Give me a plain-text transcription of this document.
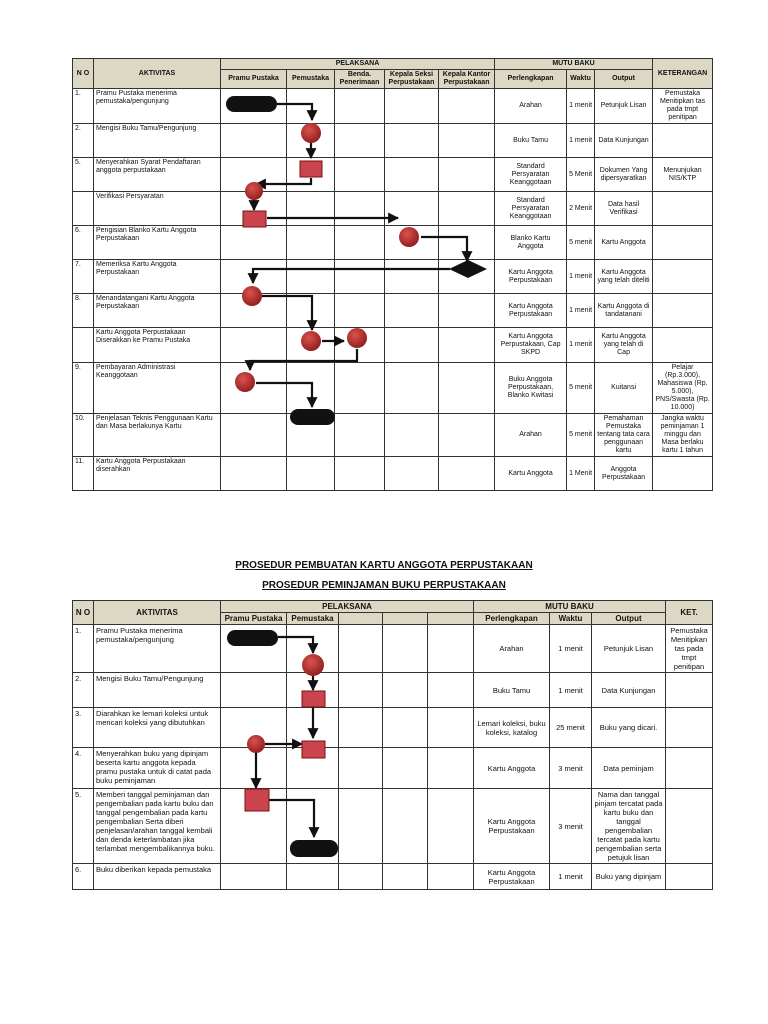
N O	AKTIVITAS	PELAKSANA					MUTU BAKU			KETERANGAN
		Pramu Pustaka	Pemustaka	Benda. Penerimaan	Kepala Seksi Perpustakaan	Kepala Kantor Perpustakaan	Perlengkapan	Waktu	Output	
1.	Pramu Pustaka menerima pemustaka/pengunjung						Arahan	1 menit	Petunjuk Lisan	Pemustaka Menitipkan tas pada tmpt penitipan
2.	Mengisi Buku Tamu/Pengunjung						Buku Tamu	1 menit	Data Kunjungan	
5.	Menyerahkan Syarat Pendaftaran anggota perpustakaan						Standard Persyaratan Keanggotaan	5 Menit	Dokumen Yang dipersyaratkan	Menunjukan NIS/KTP
	Verifikasi Persyaratan						Standard Persyaratan Keanggotaan	2 Menit	Data hasil Verifikasi	
6.	Pengisian Blanko Kartu Anggota Perpustakaan						Blanko Kartu Anggota	5 menit	Kartu Anggota	
7.	Memeriksa Kartu Anggota Perpustakaan						Kartu Anggota Perpustakaan	1 menit	Kartu Anggota yang telah diteliti	
8.	Menandatangani Kartu Anggota Perpustakaan						Kartu Anggota Perpustakaan	1 menit	Kartu Anggota di tandatanani	
	Kartu Anggota Perpustakaan Diserakkan ke Pramu Pustaka						Kartu Anggota Perpustakaan, Cap SKPD	1 menit	Kartu Anggota yang telah di Cap	
9.	Pembayaran Administrasi Keanggotaan						Buku Anggota Perpustakaan, Blanko Kwitasi	5 menit	Kuitansi	Pelajar (Rp.3.000), Mahasiswa (Rp. 5.000), PNS/Swasta (Rp. 10.000)
10.	Penjelasan Teknis Penggunaan Kartu dan Masa berlakunya Kartu						Arahan	5 menit	Pemahaman Pemustaka tentang tata cara penggunaan kartu	Jangka waktu peminjaman 1 minggu dan Masa berlaku kartu 1 tahun
11.	Kartu Anggota Perpustakaan diserahkan						Kartu Anggota	1 Menit	Anggota Perpustakaan	
PROSEDUR PEMBUATAN KARTU ANGGOTA PERPUSTAKAAN
PROSEDUR PEMINJAMAN BUKU PERPUSTAKAAN
N O	AKTIVITAS	PELAKSANA					MUTU BAKU			KET.
		Pramu Pustaka	Pemustaka				Perlengkapan	Waktu	Output	
1.	Pramu Pustaka menerima pemustaka/pengunjung						Arahan	1 menit	Petunjuk Lisan	Pemustaka Menitipkan tas pada tmpt penitipan
2.	Mengisi Buku Tamu/Pengunjung						Buku Tamu	1 menit	Data Kunjungan	
3.	Diarahkan ke lemari koleksi untuk mencari koleksi yang dibutuhkan						Lemari koleksi, buku koleksi, katalog	25 menit	Buku yang dicari.	
4.	Menyerahkan buku yang dipinjam beserta kartu anggota kepada pramu pustaka untuk di catat pada buku peminjaman						Kartu Anggota	3 menit	Data peminjam	
5.	Memberi tanggal peminjaman dan pengembalian pada kartu buku dan tanggal pengembalian pada kartu pengembalian Serta diberi penjelasan/arahan tanggal kembali dan denda keterlambatan jika terlambat mengembalikannya buku.						Kartu Anggota Perpustakaan	3 menit	Nama dan tanggal pinjam tercatat pada kartu buku dan tanggal pengembalian tercatat pada kartu pengembalian serta petujuk lisan	
6.	Buku diberikan kepada pemustaka						Kartu Anggota Perpustakaan	1 menit	Buku yang dipinjam	
